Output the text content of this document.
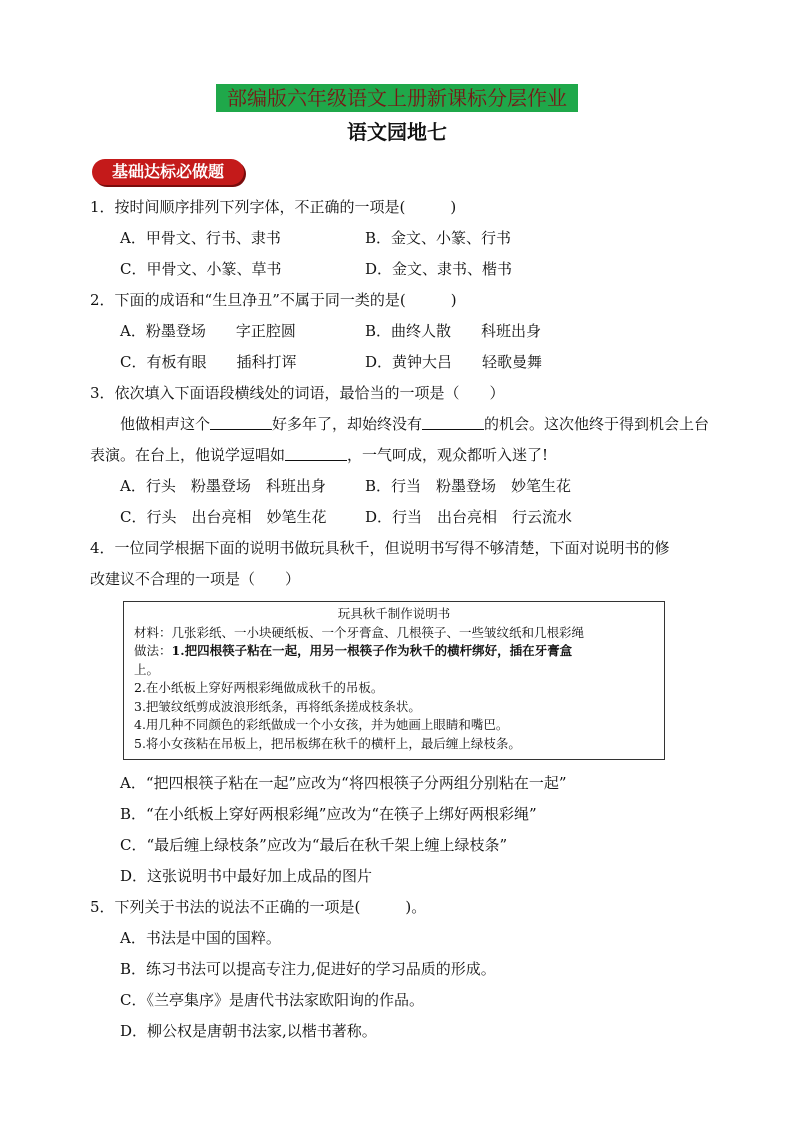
部编版六年级语文上册新课标分层作业
语文园地七
基础达标必做题
1．按时间顺序排列下列字体，不正确的一项是(　　　)
A．甲骨文、行书、隶书	B．金文、小篆、行书
C．甲骨文、小篆、草书	D．金文、隶书、楷书
2．下面的成语和“生旦净丑”不属于同一类的是(　　　)
A．粉墨登场　　字正腔圆	B．曲终人散　　科班出身
C．有板有眼　　插科打诨	D．黄钟大吕　　轻歌曼舞
3．依次填入下面语段横线处的词语，最恰当的一项是（　　）
他做相声这个	好多年了，却始终没有	的机会。这次他终于得到机会上台表演。在台上，他说学逗唱如	，一气呵成，观众都听入迷了!
A．行头　粉墨登场　科班出身	B．行当　粉墨登场　妙笔生花
C．行头　出台亮相　妙笔生花	D．行当　出台亮相　行云流水
4．一位同学根据下面的说明书做玩具秋千，但说明书写得不够清楚，下面对说明书的修
改建议不合理的一项是（　　）
玩具秋千制作说明书
材料：几张彩纸、一小块硬纸板、一个牙膏盒、几根筷子、一些皱纹纸和几根彩绳
做法：1.把四根筷子粘在一起，用另一根筷子作为秋千的横杆绑好，插在牙膏盒
上。
2.在小纸板上穿好两根彩绳做成秋千的吊板。
3.把皱纹纸剪成波浪形纸条，再将纸条搓成枝条状。
4.用几种不同颜色的彩纸做成一个小女孩，并为她画上眼睛和嘴巴。
5.将小女孩粘在吊板上，把吊板绑在秋千的横杆上，最后缠上绿枝条。
A．“把四根筷子粘在一起”应改为“将四根筷子分两组分别粘在一起”
B．“在小纸板上穿好两根彩绳”应改为“在筷子上绑好两根彩绳”
C．“最后缠上绿枝条”应改为“最后在秋千架上缠上绿枝条”
D．这张说明书中最好加上成品的图片
5．下列关于书法的说法不正确的一项是(　　　)。
A．书法是中国的国粹。
B．练习书法可以提高专注力,促进好的学习品质的形成。
C．《兰亭集序》是唐代书法家欧阳询的作品。
D．柳公权是唐朝书法家,以楷书著称。
